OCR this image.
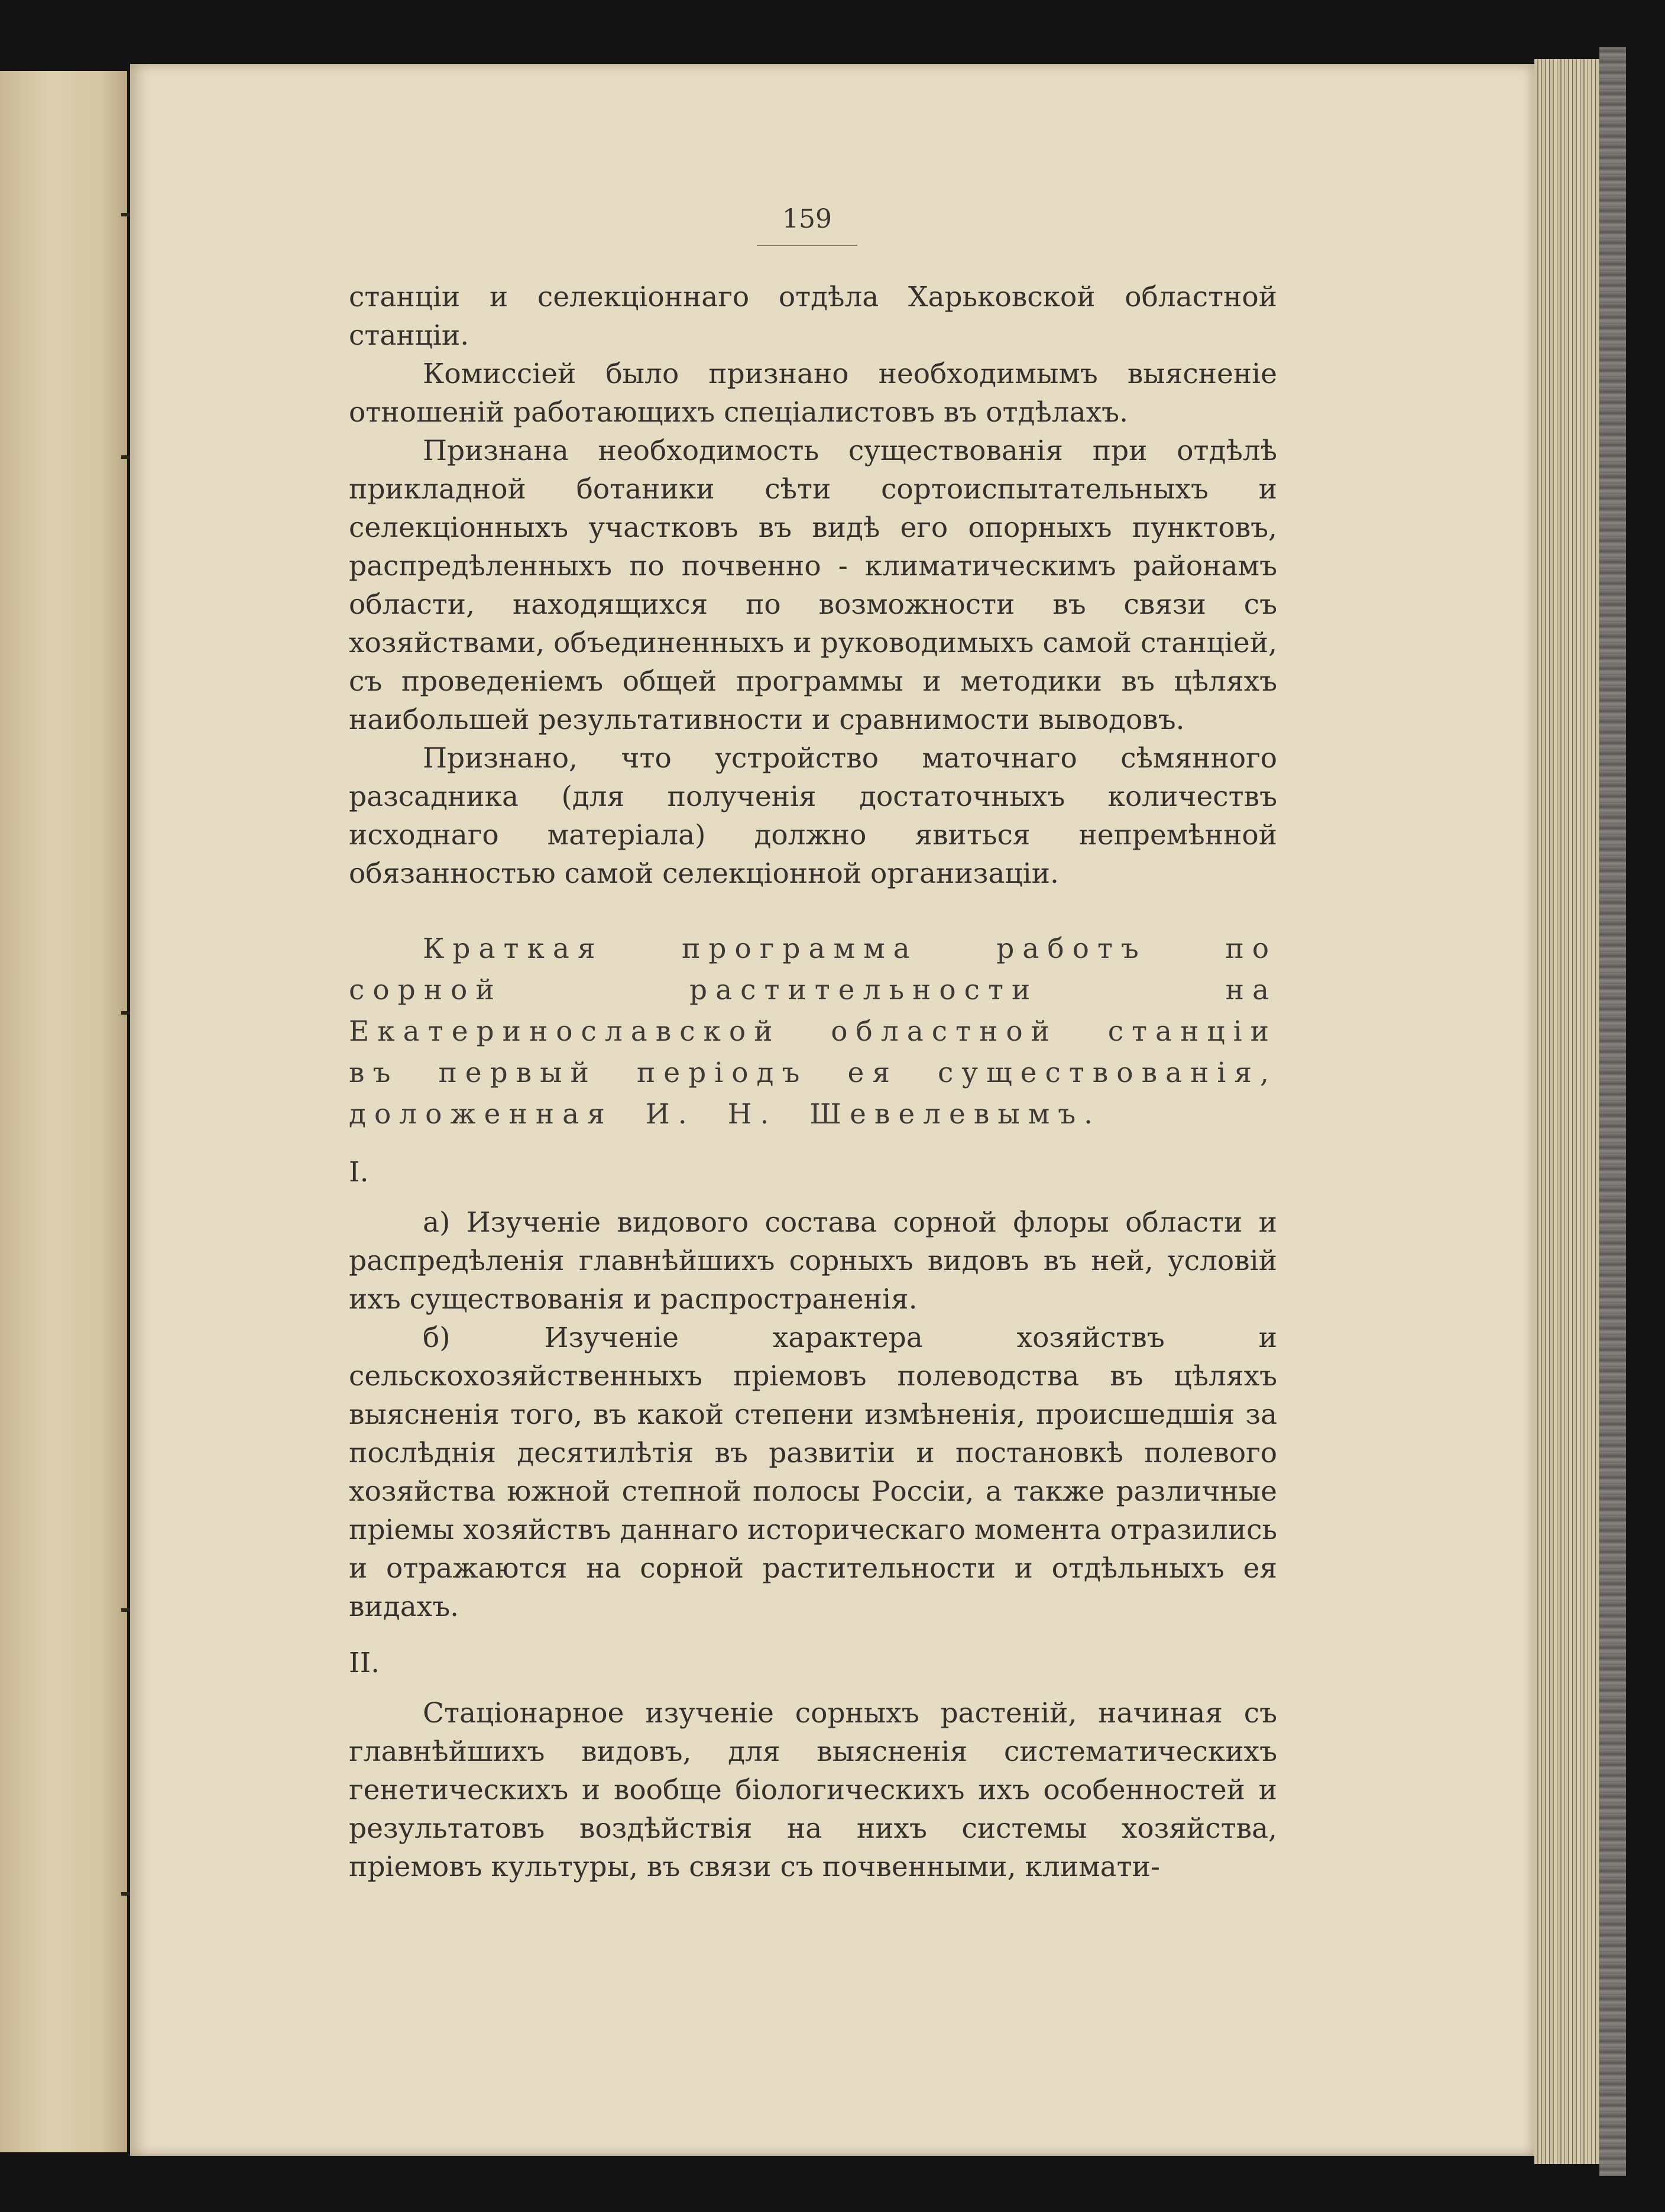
159

станціи и селекціоннаго отдѣла Харьковской областной станціи.

Комиссіей было признано необходимымъ выясненіе отношеній работающихъ спеціалистовъ въ отдѣлахъ.

Признана необходимость существованія при отдѣлѣ прикладной ботаники сѣти сортоиспытательныхъ и селекціонныхъ участковъ въ видѣ его опорныхъ пунктовъ, распредѣленныхъ по почвенно - климатическимъ районамъ области, находящихся по возможности въ связи съ хозяйствами, объединенныхъ и руководимыхъ самой станціей, съ проведеніемъ общей программы и методики въ цѣляхъ наибольшей результативности и сравнимости выводовъ.

Признано, что устройство маточнаго сѣмянного разсадника (для полученія достаточныхъ количествъ исходнаго матеріала) должно явиться непремѣнной обязанностью самой селекціонной организаціи.

Краткая программа работъ по сорной растительности на Екатеринославской областной станціи въ первый періодъ ея существованія, доложенная И. Н. Шевелевымъ.

I.

а) Изученіе видового состава сорной флоры области и распредѣленія главнѣйшихъ сорныхъ видовъ въ ней, условій ихъ существованія и распространенія.

б) Изученіе характера хозяйствъ и сельскохозяйственныхъ пріемовъ полеводства въ цѣляхъ выясненія того, въ какой степени измѣненія, происшедшія за послѣднія десятилѣтія въ развитіи и постановкѣ полевого хозяйства южной степной полосы Россіи, а также различные пріемы хозяйствъ даннаго историческаго момента отразились и отражаются на сорной растительности и отдѣльныхъ ея видахъ.

II.

Стаціонарное изученіе сорныхъ растеній, начиная съ главнѣйшихъ видовъ, для выясненія систематическихъ генетическихъ и вообще біологическихъ ихъ особенностей и результатовъ воздѣйствія на нихъ системы хозяйства, пріемовъ культуры, въ связи съ почвенными, климати-
